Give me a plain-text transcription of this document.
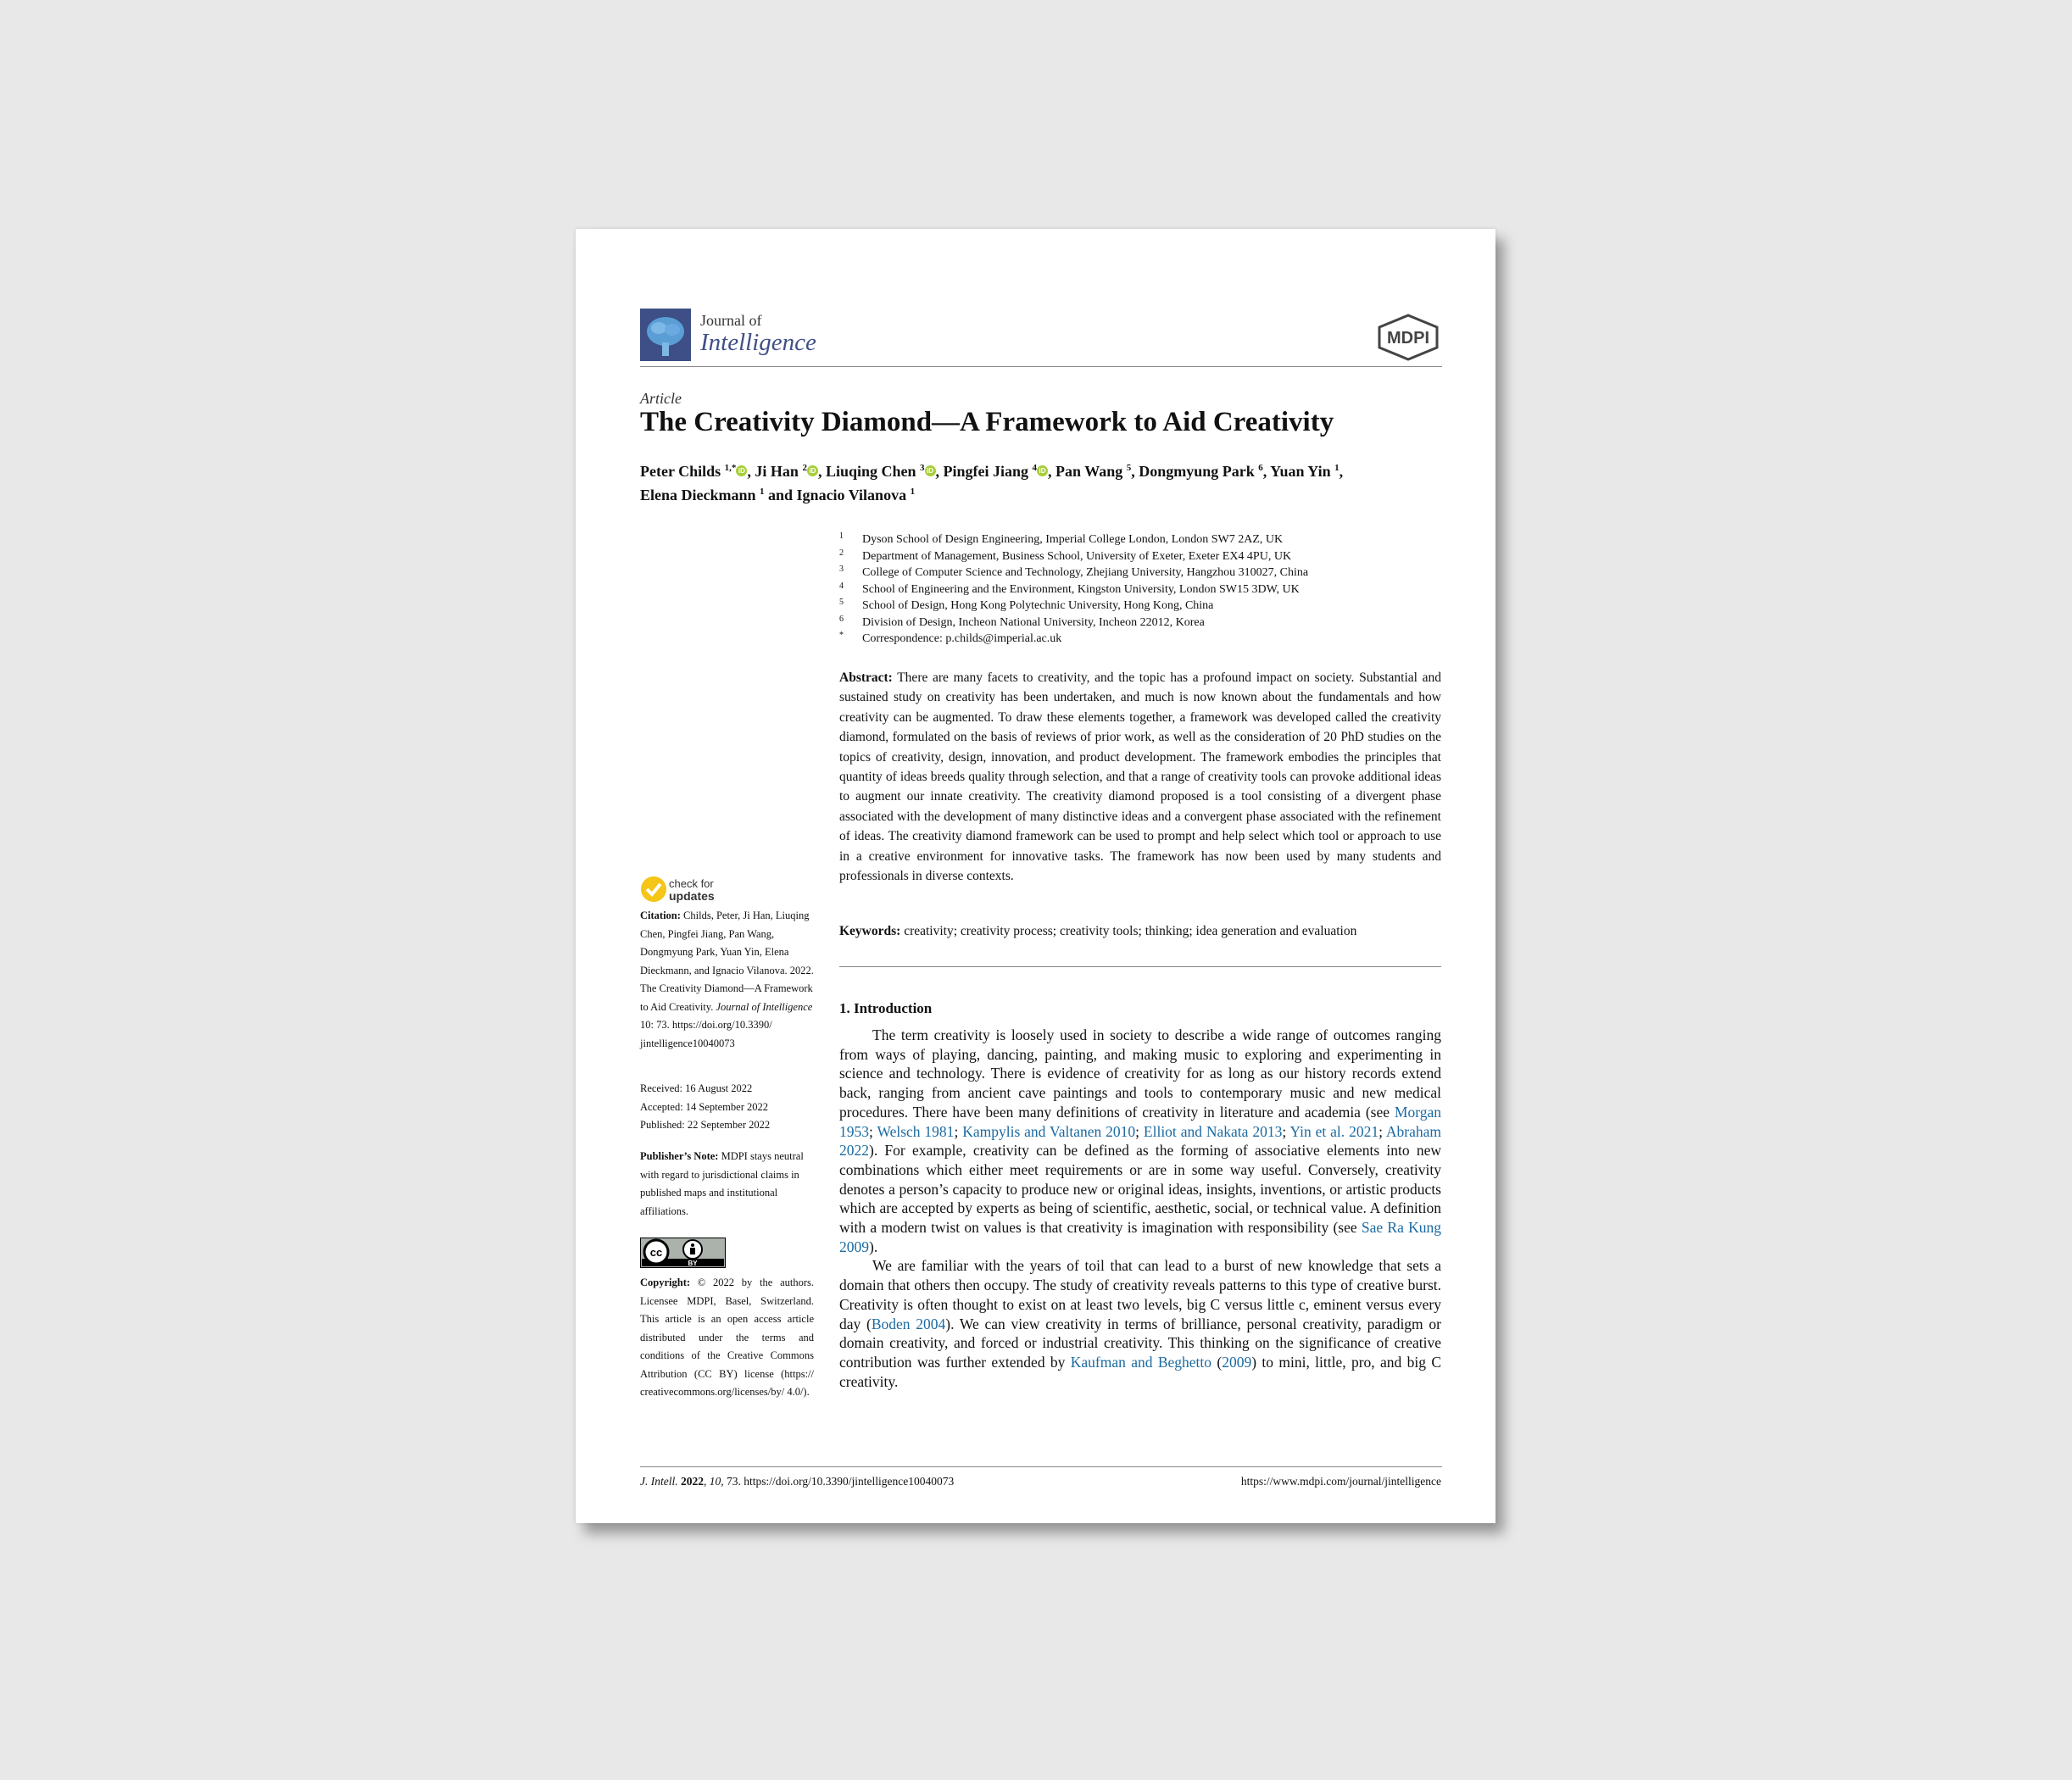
Journal of
Intelligence	MDPI
Article
The Creativity Diamond—A Framework to Aid Creativity
Peter Childs $^{1,*}$ iD , Ji Han $^2$ iD , Liuqing Chen $^3$ iD , Pingfei Jiang $^4$ iD , Pan Wang $^5$, Dongmyung Park $^6$, Yuan Yin $^1$,
Elena Dieckmann $^1$ and Ignacio Vilanova $^1$
1 Dyson School of Design Engineering, Imperial College London, London SW7 2AZ, UK
2 Department of Management, Business School, University of Exeter, Exeter EX4 4PU, UK
3 College of Computer Science and Technology, Zhejiang University, Hangzhou 310027, China
4 School of Engineering and the Environment, Kingston University, London SW15 3DW, UK
5 School of Design, Hong Kong Polytechnic University, Hong Kong, China
6 Division of Design, Incheon National University, Incheon 22012, Korea
* Correspondence: p.childs@imperial.ac.uk
Abstract: There are many facets to creativity, and the topic has a profound impact on society. Substantial and sustained study on creativity has been undertaken, and much is now known about the fundamentals and how creativity can be augmented. To draw these elements together, a framework was developed called the creativity diamond, formulated on the basis of reviews of prior work, as well as the consideration of 20 PhD studies on the topics of creativity, design, innovation, and product development. The framework embodies the principles that quantity of ideas breeds quality through selection, and that a range of creativity tools can provoke additional ideas to augment our innate creativity. The creativity diamond proposed is a tool consisting of a divergent phase associated with the development of many distinctive ideas and a convergent phase associated with the refinement of ideas. The creativity diamond framework can be used to prompt and help select which tool or approach to use in a creative environment for innovative tasks. The framework has now been used by many students and professionals in diverse contexts.
Keywords: creativity; creativity process; creativity tools; thinking; idea generation and evaluation
1. Introduction

The term creativity is loosely used in society to describe a wide range of outcomes ranging from ways of playing, dancing, painting, and making music to exploring and experimenting in science and technology. There is evidence of creativity for as long as our history records extend back, ranging from ancient cave paintings and tools to contemporary music and new medical procedures. There have been many definitions of creativity in literature and academia (see Morgan 1953; Welsch 1981; Kampylis and Valtanen 2010; Elliot and Nakata 2013; Yin et al. 2021; Abraham 2022). For example, creativity can be defined as the forming of associative elements into new combinations which either meet requirements or are in some way useful. Conversely, creativity denotes a person’s capacity to produce new or original ideas, insights, inventions, or artistic products which are accepted by experts as being of scientific, aesthetic, social, or technical value. A definition with a modern twist on values is that creativity is imagination with responsibility (see Sae Ra Kung 2009).

We are familiar with the years of toil that can lead to a burst of new knowledge that sets a domain that others then occupy. The study of creativity reveals patterns to this type of creative burst. Creativity is often thought to exist on at least two levels, big C versus little c, eminent versus every day (Boden 2004). We can view creativity in terms of brilliance, personal creativity, paradigm or domain creativity, and forced or industrial creativity. This thinking on the significance of creative contribution was further extended by Kaufman and Beghetto (2009) to mini, little, pro, and big C creativity.

check for
updates
Citation: Childs, Peter, Ji Han, Liuqing Chen, Pingfei Jiang, Pan Wang, Dongmyung Park, Yuan Yin, Elena Dieckmann, and Ignacio Vilanova. 2022. The Creativity Diamond—A Framework to Aid Creativity. Journal of Intelligence 10: 73. https://doi.org/10.3390/ jintelligence10040073
Received: 16 August 2022
Accepted: 14 September 2022
Published: 22 September 2022
Publisher’s Note: MDPI stays neutral with regard to jurisdictional claims in published maps and institutional affiliations.
cc
BY
Copyright: © 2022 by the authors. Licensee MDPI, Basel, Switzerland. This article is an open access article distributed under the terms and conditions of the Creative Commons Attribution (CC BY) license (https:// creativecommons.org/licenses/by/ 4.0/).
J. Intell. 2022, 10, 73. https://doi.org/10.3390/jintelligence10040073	https://www.mdpi.com/journal/jintelligence
